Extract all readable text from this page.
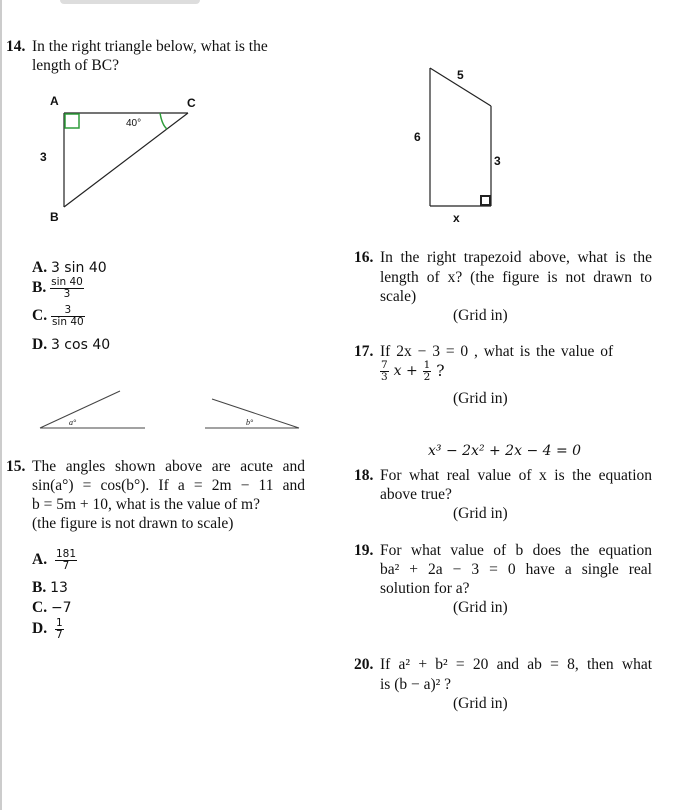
14. In the right triangle below, what is the
length of BC?
A	C
B
3
40°
A. 3 sin 40
B. $\frac{\sin 40}{3}$
C. $\frac{3}{\sin 40}$
D. 3 cos 40
5
6
3
x
a°	b°
15. The angles shown above are acute and
sin(a°) = cos(b°). If a = 2m − 11 and
b = 5m + 10, what is the value of m?
(the figure is not drawn to scale)
A. $\frac{181}{7}$
B. 13
C. −7
D. $\frac{1}{7}$
16. In the right trapezoid above, what is the
length of x? (the figure is not drawn to
scale)
(Grid in)
17. If 2x − 3 = 0 , what is the value of
$\frac{7}{3}$ $x + \frac{1}{2}$ ?
(Grid in)
x³ − 2x² + 2x − 4 = 0
18. For what real value of x is the equation
above true?
(Grid in)
19. For what value of b does the equation
ba² + 2a − 3 = 0 have a single real
solution for a?
(Grid in)
20. If a² + b² = 20 and ab = 8, then what
is (b − a)² ?
(Grid in)
